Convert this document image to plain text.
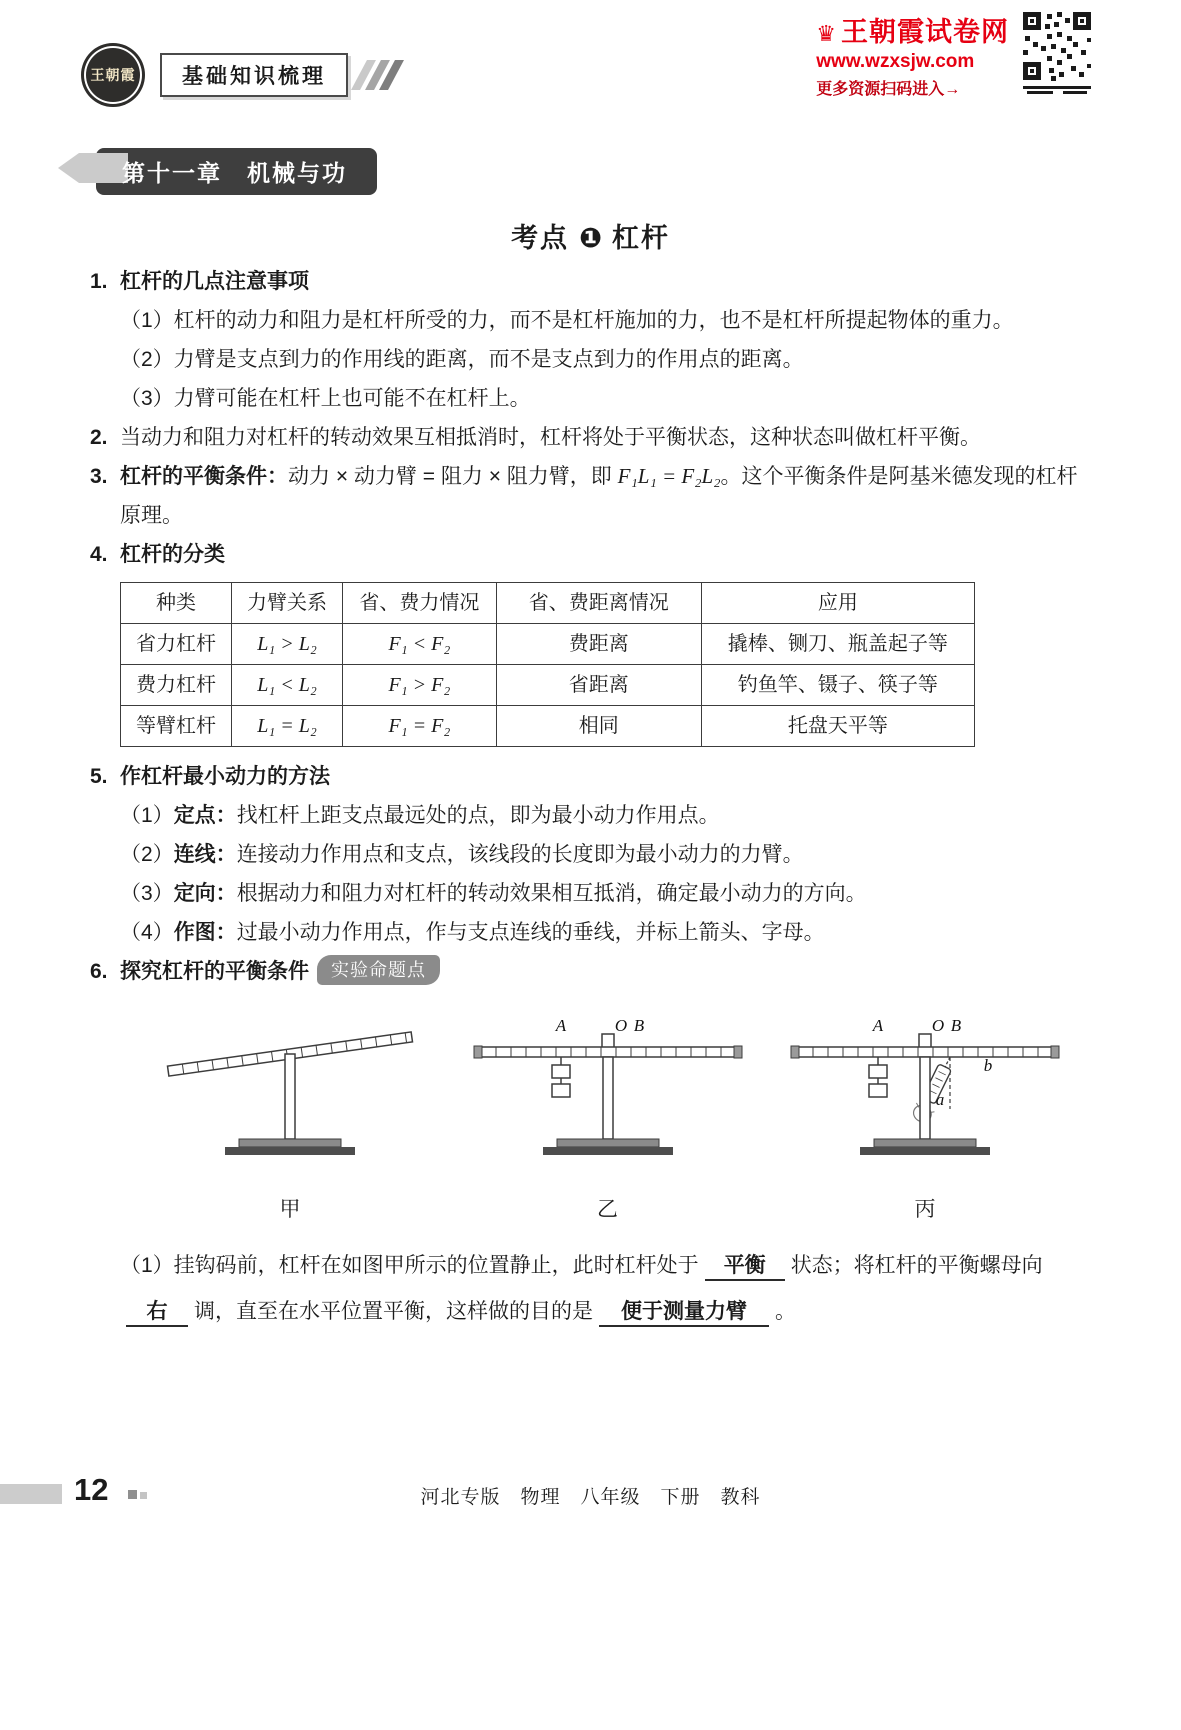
王朝霞	基础知识梳理
♛ 王朝霞试卷网
www.wzxsjw.com
更多资源扫码进入→
第十一章　机械与功
考点 ❶ 杠杆

1. 杠杆的几点注意事项

（1）杠杆的动力和阻力是杠杆所受的力，而不是杠杆施加的力，也不是杠杆所提起物体的重力。

（2）力臂是支点到力的作用线的距离，而不是支点到力的作用点的距离。

（3）力臂可能在杠杆上也可能不在杠杆上。

2. 当动力和阻力对杠杆的转动效果互相抵消时，杠杆将处于平衡状态，这种状态叫做杠杆平衡。

3. 杠杆的平衡条件：动力 × 动力臂 = 阻力 × 阻力臂，即 F₁L₁ = F₂L₂。这个平衡条件是阿基米德发现的杠杆原理。

4. 杠杆的分类

种类	力臂关系	省、费力情况	省、费距离情况	应用
省力杠杆	L₁ > L₂	F₁ < F₂	费距离	撬棒、铡刀、瓶盖起子等
费力杠杆	L₁ < L₂	F₁ > F₂	省距离	钓鱼竿、镊子、筷子等
等臂杠杆	L₁ = L₂	F₁ = F₂	相同	托盘天平等

5. 作杠杆最小动力的方法

（1）定点：找杠杆上距支点最远处的点，即为最小动力作用点。

（2）连线：连接动力作用点和支点，该线段的长度即为最小动力的力臂。

（3）定向：根据动力和阻力对杠杆的转动效果相互抵消，确定最小动力的方向。

（4）作图：过最小动力作用点，作与支点连线的垂线，并标上箭头、字母。

6. 探究杠杆的平衡条件 实验命题点

甲
A	O B
乙
A	O B
a
b
丙

（1）挂钩码前，杠杆在如图甲所示的位置静止，此时杠杆处于 平衡 状态；将杠杆的平衡螺母向右 调，直至在水平位置平衡，这样做的目的是 便于测量力臂 。

12	河北专版　物理　八年级　下册　教科
